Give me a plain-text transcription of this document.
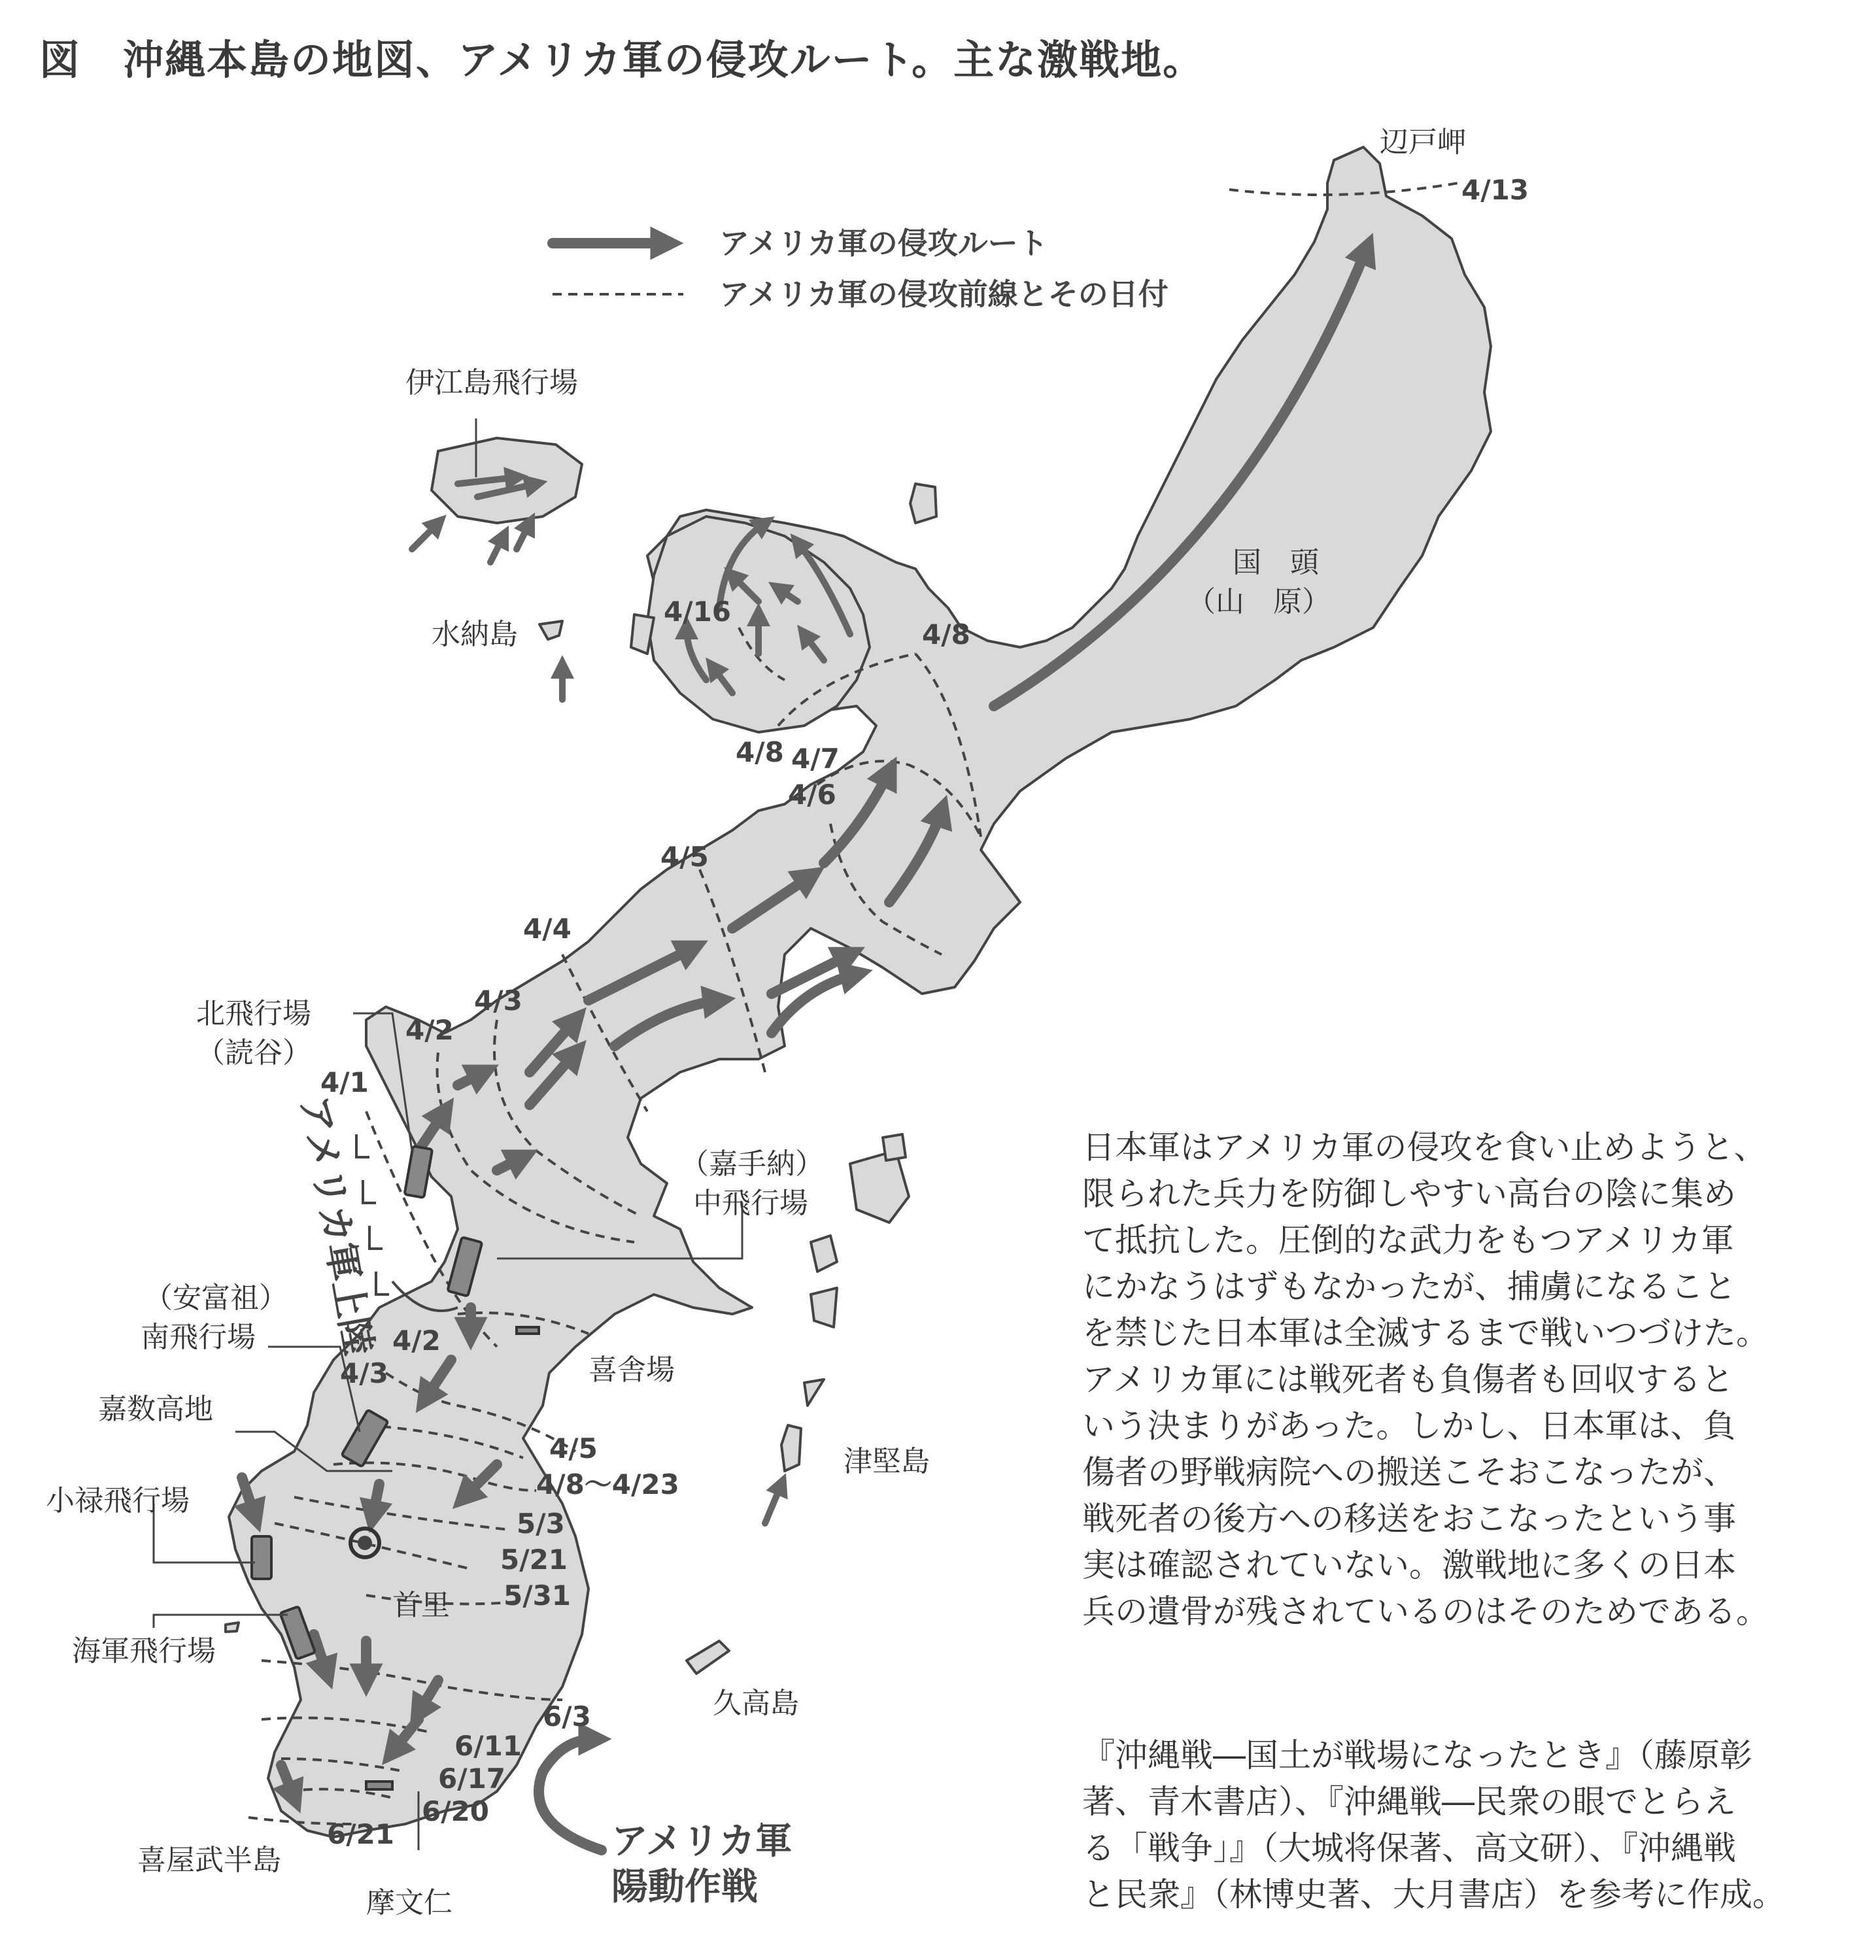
図　沖縄本島の地図、アメリカ軍の侵攻ルート。主な激戦地。
アメリカ軍の侵攻ルート
アメリカ軍の侵攻前線とその日付
辺戸岬
伊江島飛行場
水納島
国　頭
（山　原）
北飛行場
（読谷）
（嘉手納）
中飛行場
（安富祖）
南飛行場
嘉数高地
小禄飛行場
海軍飛行場
喜舎場
津堅島
首里
久高島
喜屋武半島
摩文仁
アメリカ軍上陸
アメリカ軍
陽動作戦
4/13
4/16
4/8
4/8 4/7
4/6
4/5
4/4
4/3
4/2
4/1
4/2
4/3
4/5
4/8～4/23
5/3
5/21
5/31
6/3
6/11
6/17
6/20
6/21

日本軍はアメリカ軍の侵攻を食い止めようと、

限られた兵力を防御しやすい高台の陰に集め

て抵抗した。圧倒的な武力をもつアメリカ軍

にかなうはずもなかったが、捕虜になること

を禁じた日本軍は全滅するまで戦いつづけた。

アメリカ軍には戦死者も負傷者も回収すると

いう決まりがあった。しかし、日本軍は、負

傷者の野戦病院への搬送こそおこなったが、

戦死者の後方への移送をおこなったという事

実は確認されていない。激戦地に多くの日本

兵の遺骨が残されているのはそのためである。

『沖縄戦―国土が戦場になったとき』（藤原彰

著、青木書店）、『沖縄戦―民衆の眼でとらえ

る「戦争」』（大城将保著、高文研）、『沖縄戦

と民衆』（林博史著、大月書店）を参考に作成。
